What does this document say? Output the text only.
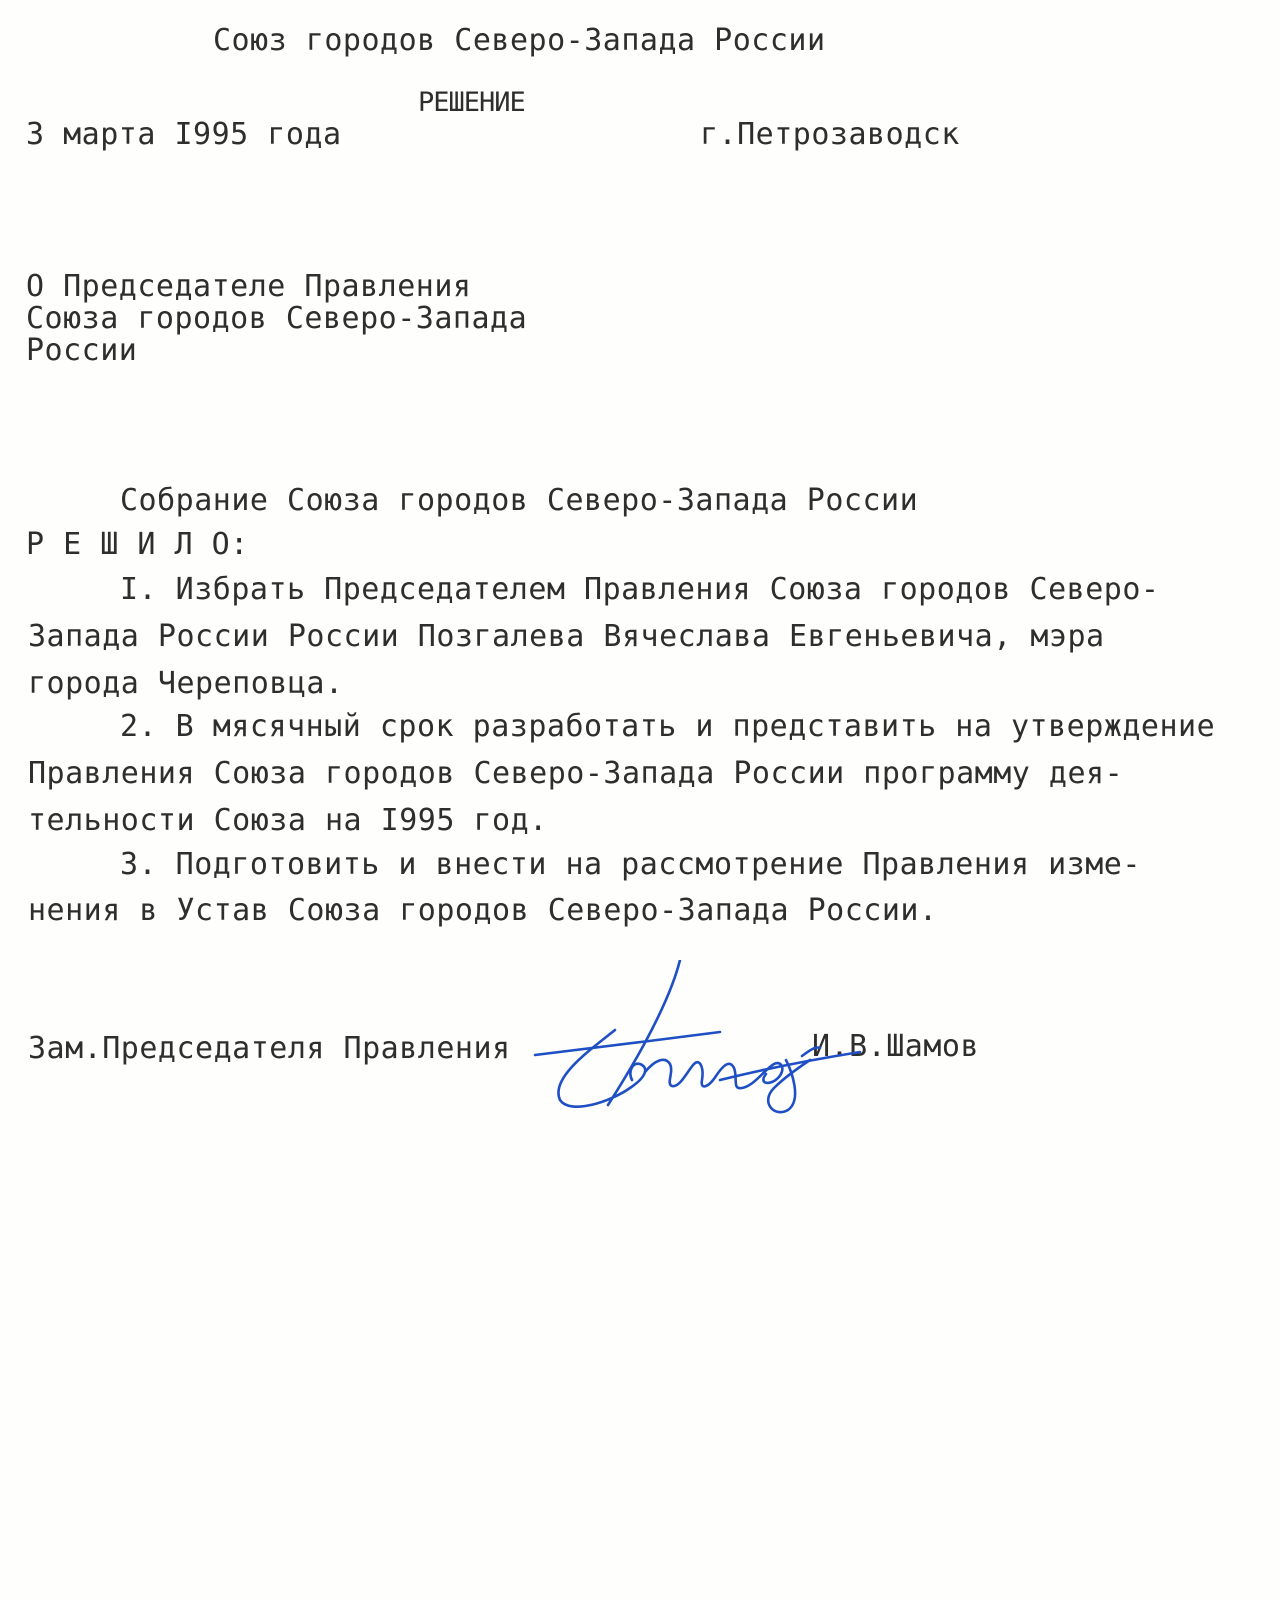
Союз городов Северо-Запада России
РЕШЕНИЕ
3 марта I995 года	г.Петрозаводск
О Председателе Правления
Союза городов Северо-Запада
России
Собрание Союза городов Северо-Запада России
Р Е Ш И Л О:
I. Избрать Председателем Правления Союза городов Северо-
Запада России России Позгалева Вячеслава Евгеньевича, мэра
города Череповца.
2. В мясячный срок разработать и представить на утверждение
Правления Союза городов Северо-Запада России программу дея-
тельности Союза на I995 год.
3. Подготовить и внести на рассмотрение Правления изме-
нения в Устав Союза городов Северо-Запада России.
Зам.Председателя Правления	И.В.Шамов
